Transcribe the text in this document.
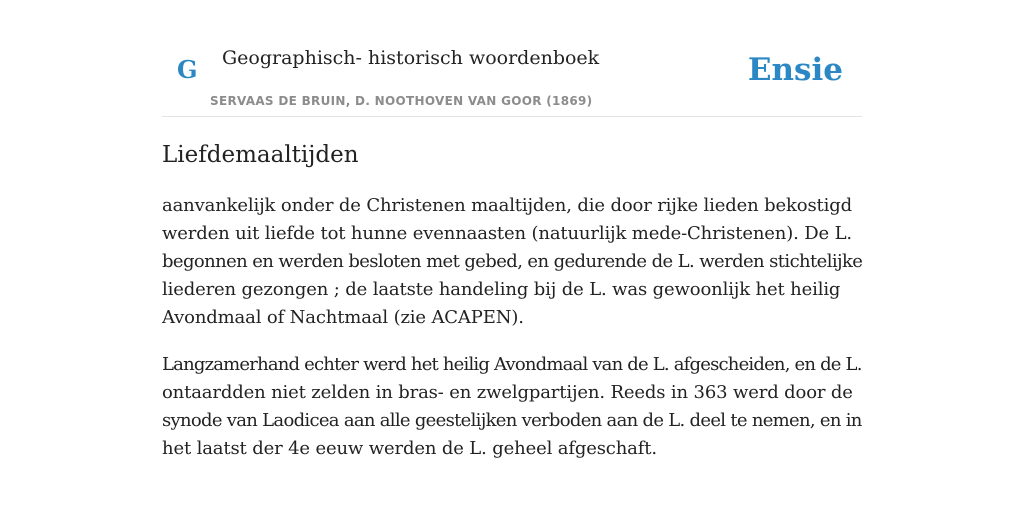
G Geographisch- historisch woordenboek
SERVAAS DE BRUIN, D. NOOTHOVEN VAN GOOR (1869)
Ensie
Liefdemaaltijden

aanvankelijk onder de Christenen maaltijden, die door rijke lieden bekostigd
werden uit liefde tot hunne evennaasten (natuurlijk mede-Christenen). De L.
begonnen en werden besloten met gebed, en gedurende de L. werden stichtelijke
liederen gezongen ; de laatste handeling bij de L. was gewoonlijk het heilig
Avondmaal of Nachtmaal (zie ACAPEN).

Langzamerhand echter werd het heilig Avondmaal van de L. afgescheiden, en de L.
ontaardden niet zelden in bras- en zwelgpartijen. Reeds in 363 werd door de
synode van Laodicea aan alle geestelijken verboden aan de L. deel te nemen, en in
het laatst der 4e eeuw werden de L. geheel afgeschaft.
